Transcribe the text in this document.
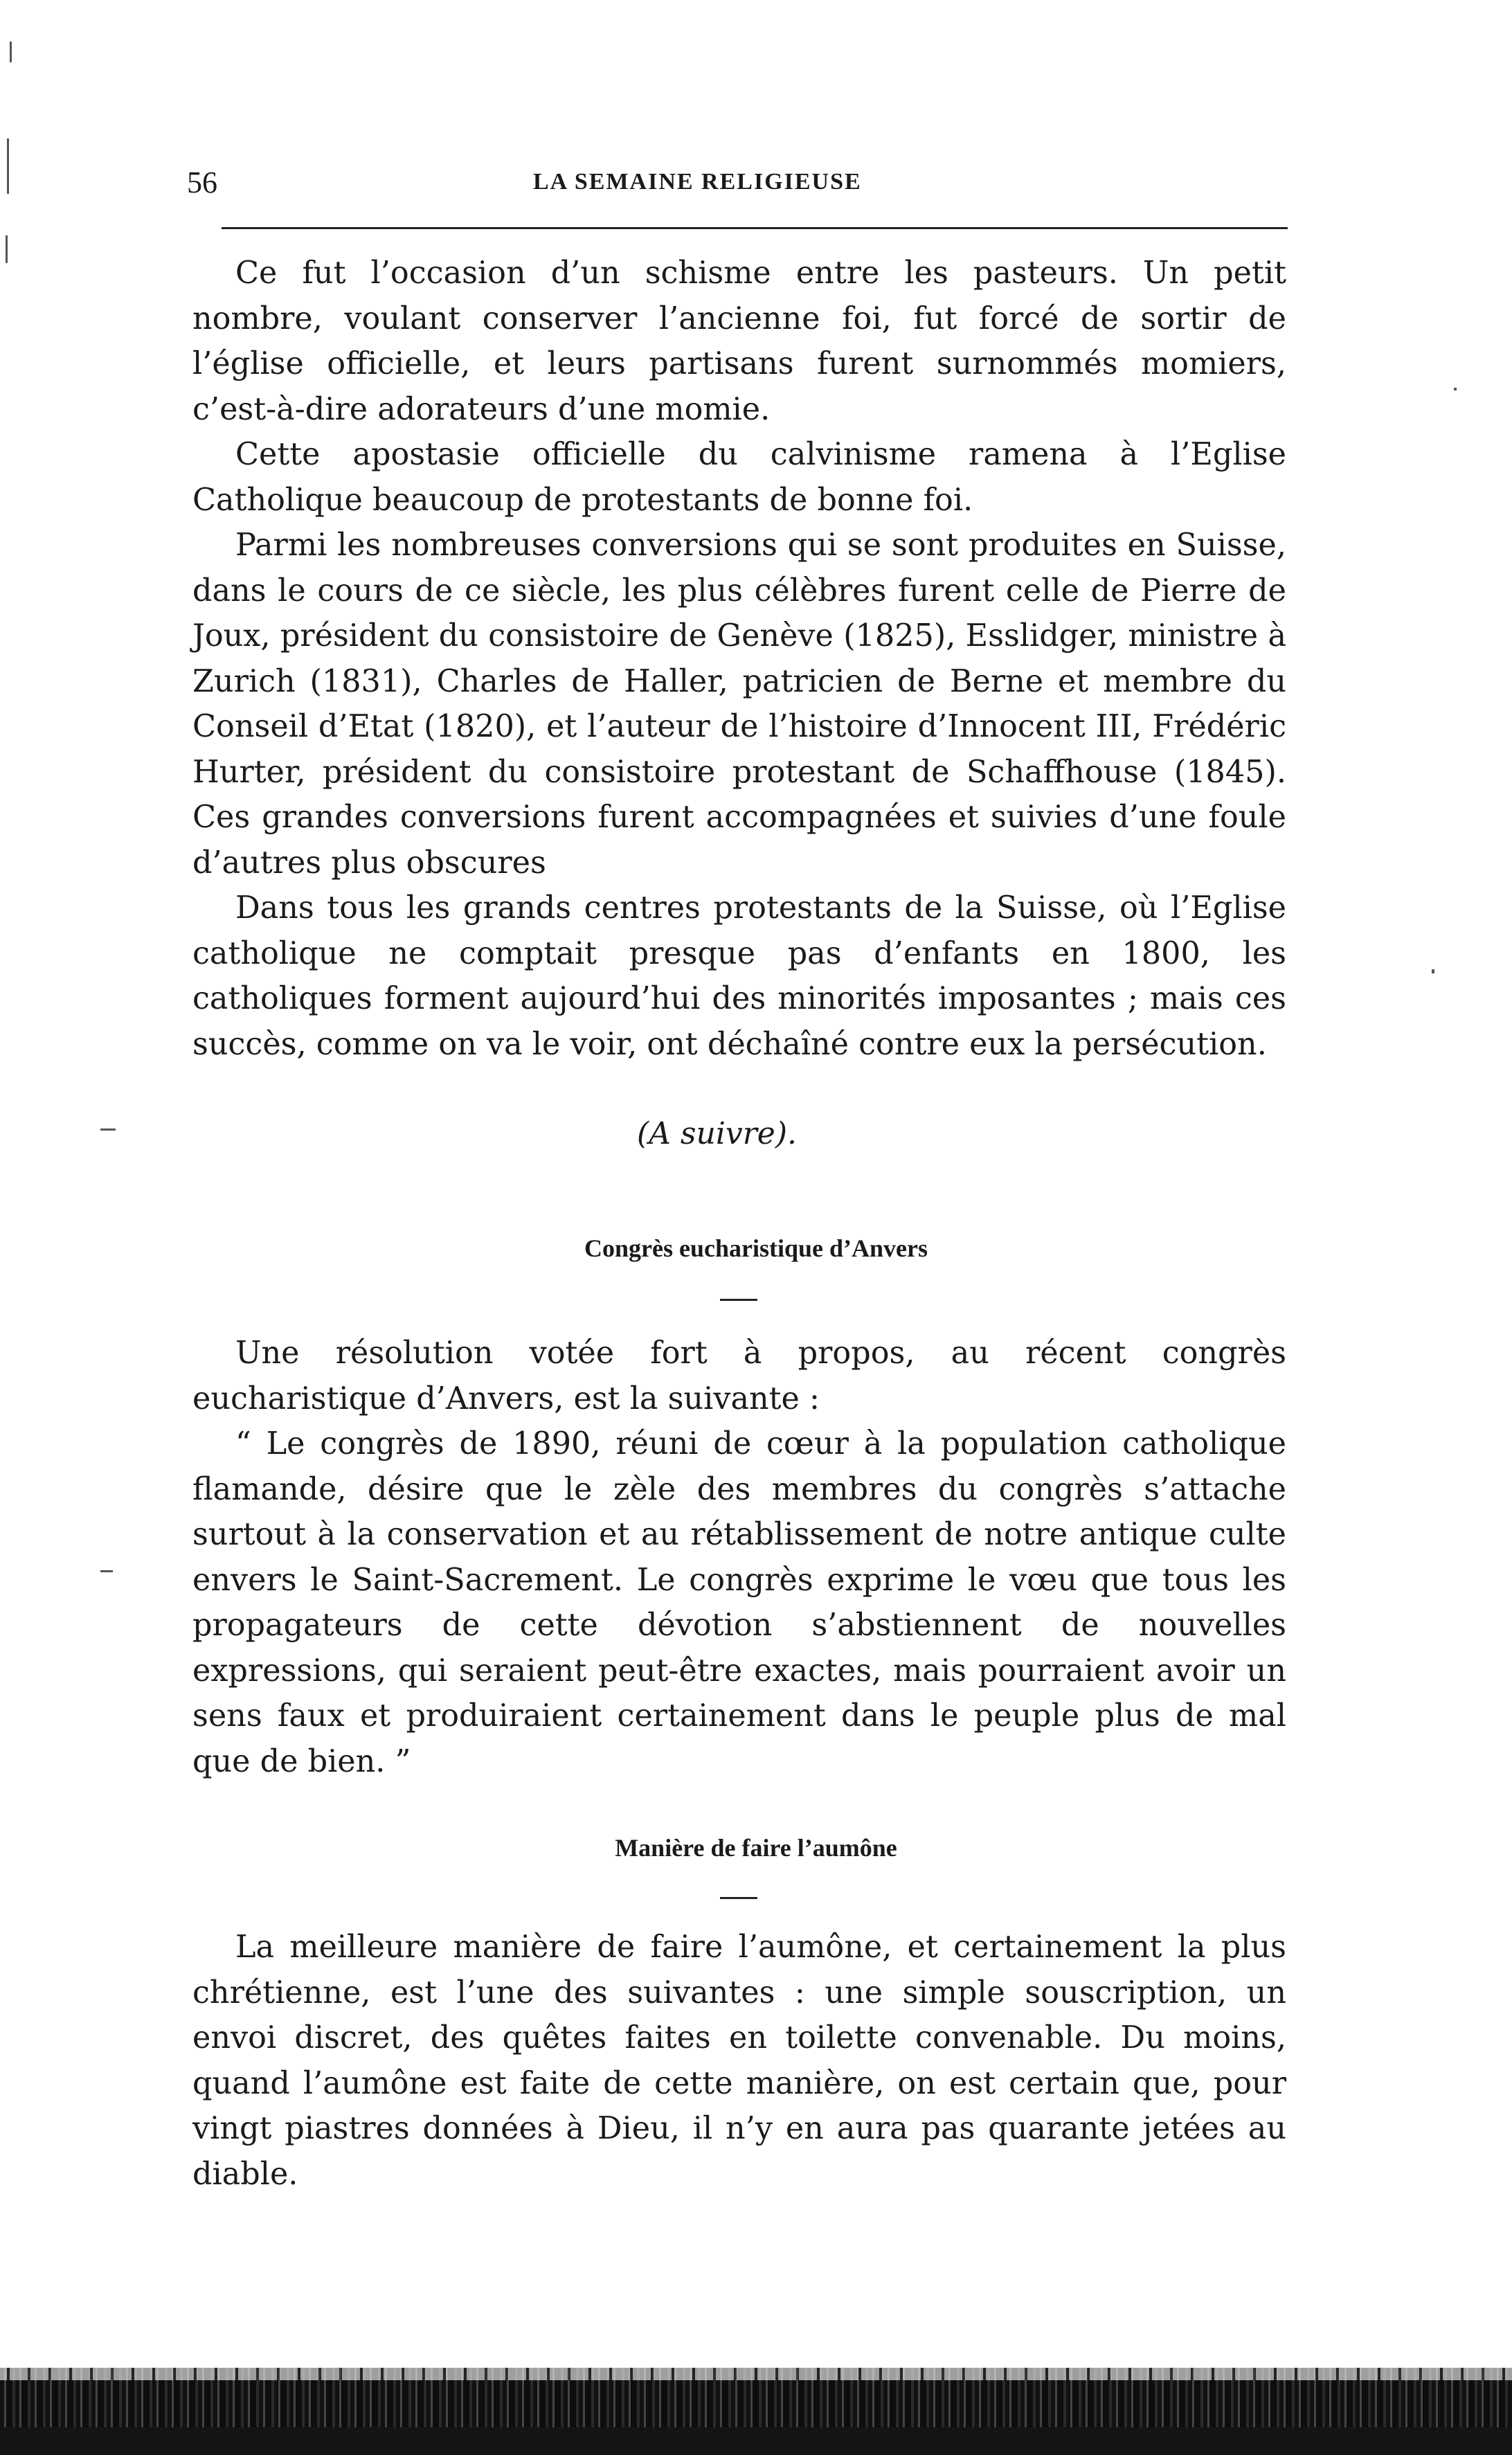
56	LA SEMAINE RELIGIEUSE

Ce fut l’occasion d’un schisme entre les pasteurs. Un petit nombre, voulant conserver l’ancienne foi, fut forcé de sortir de l’église officielle, et leurs partisans furent surnommés momiers, c’est-à-dire adorateurs d’une momie.

Cette apostasie officielle du calvinisme ramena à l’Eglise Catholique beaucoup de protestants de bonne foi.

Parmi les nombreuses conversions qui se sont produites en Suisse, dans le cours de ce siècle, les plus célèbres furent celle de Pierre de Joux, président du consistoire de Genève (1825), Esslidger, ministre à Zurich (1831), Charles de Haller, patricien de Berne et membre du Conseil d’Etat (1820), et l’auteur de l’histoire d’Innocent III, Frédéric Hurter, président du consistoire protestant de Schaffhouse (1845). Ces grandes conversions furent accompagnées et suivies d’une foule d’autres plus obscures

Dans tous les grands centres protestants de la Suisse, où l’Eglise catholique ne comptait presque pas d’enfants en 1800, les catholiques forment aujourd’hui des minorités imposantes ; mais ces succès, comme on va le voir, ont déchaîné contre eux la persécution.

(A suivre).
Congrès eucharistique d’Anvers

Une résolution votée fort à propos, au récent congrès eucharistique d’Anvers, est la suivante :

“ Le congrès de 1890, réuni de cœur à la population catholique flamande, désire que le zèle des membres du congrès s’attache surtout à la conservation et au rétablissement de notre antique culte envers le Saint-Sacrement. Le congrès exprime le vœu que tous les propagateurs de cette dévotion s’abstiennent de nouvelles expressions, qui seraient peut-être exactes, mais pourraient avoir un sens faux et produiraient certainement dans le peuple plus de mal que de bien. ”

Manière de faire l’aumône

La meilleure manière de faire l’aumône, et certainement la plus chrétienne, est l’une des suivantes : une simple souscription, un envoi discret, des quêtes faites en toilette convenable. Du moins, quand l’aumône est faite de cette manière, on est certain que, pour vingt piastres données à Dieu, il n’y en aura pas quarante jetées au diable.
